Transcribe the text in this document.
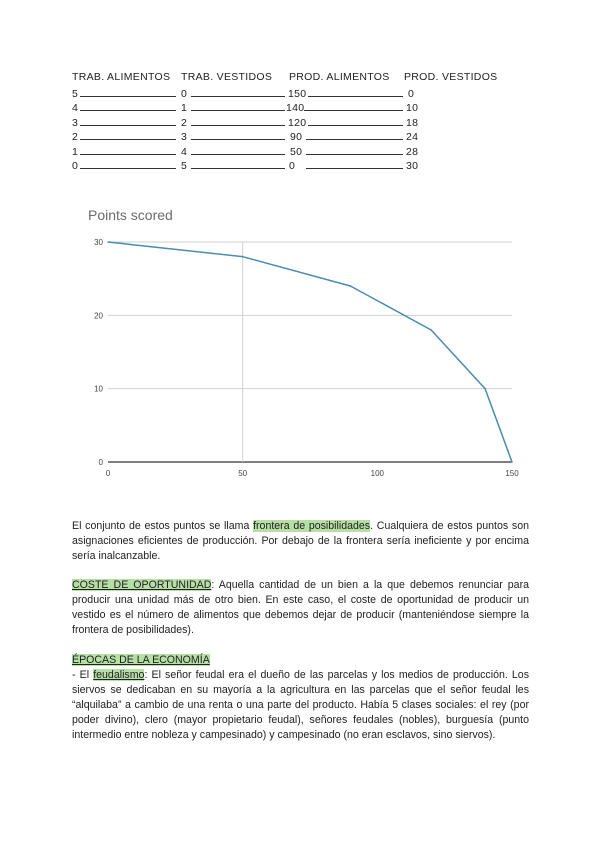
TRAB. ALIMENTOS TRAB. VESTIDOS PROD. ALIMENTOS PROD. VESTIDOS
5	0	150	0
4	1	140	10
3	2	120	18
2	3	90	24
1	4	50	28
0	5	0	30
Points scored
0
10
20
30
0	50	100	150
El conjunto de estos puntos se llama frontera de posibilidades. Cualquiera de estos puntos son asignaciones eficientes de producción. Por debajo de la frontera sería ineficiente y por encima sería inalcanzable.
COSTE DE OPORTUNIDAD: Aquella cantidad de un bien a la que debemos renunciar para producir una unidad más de otro bien. En este caso, el coste de oportunidad de producir un vestido es el número de alimentos que debemos dejar de producir (manteniéndose siempre la frontera de posibilidades).
ÉPOCAS DE LA ECONOMÍA
- El feudalismo: El señor feudal era el dueño de las parcelas y los medios de producción. Los siervos se dedicaban en su mayoría a la agricultura en las parcelas que el señor feudal les “alquilaba” a cambio de una renta o una parte del producto. Había 5 clases sociales: el rey (por poder divino), clero (mayor propietario feudal), señores feudales (nobles), burguesía (punto intermedio entre nobleza y campesinado) y campesinado (no eran esclavos, sino siervos).
